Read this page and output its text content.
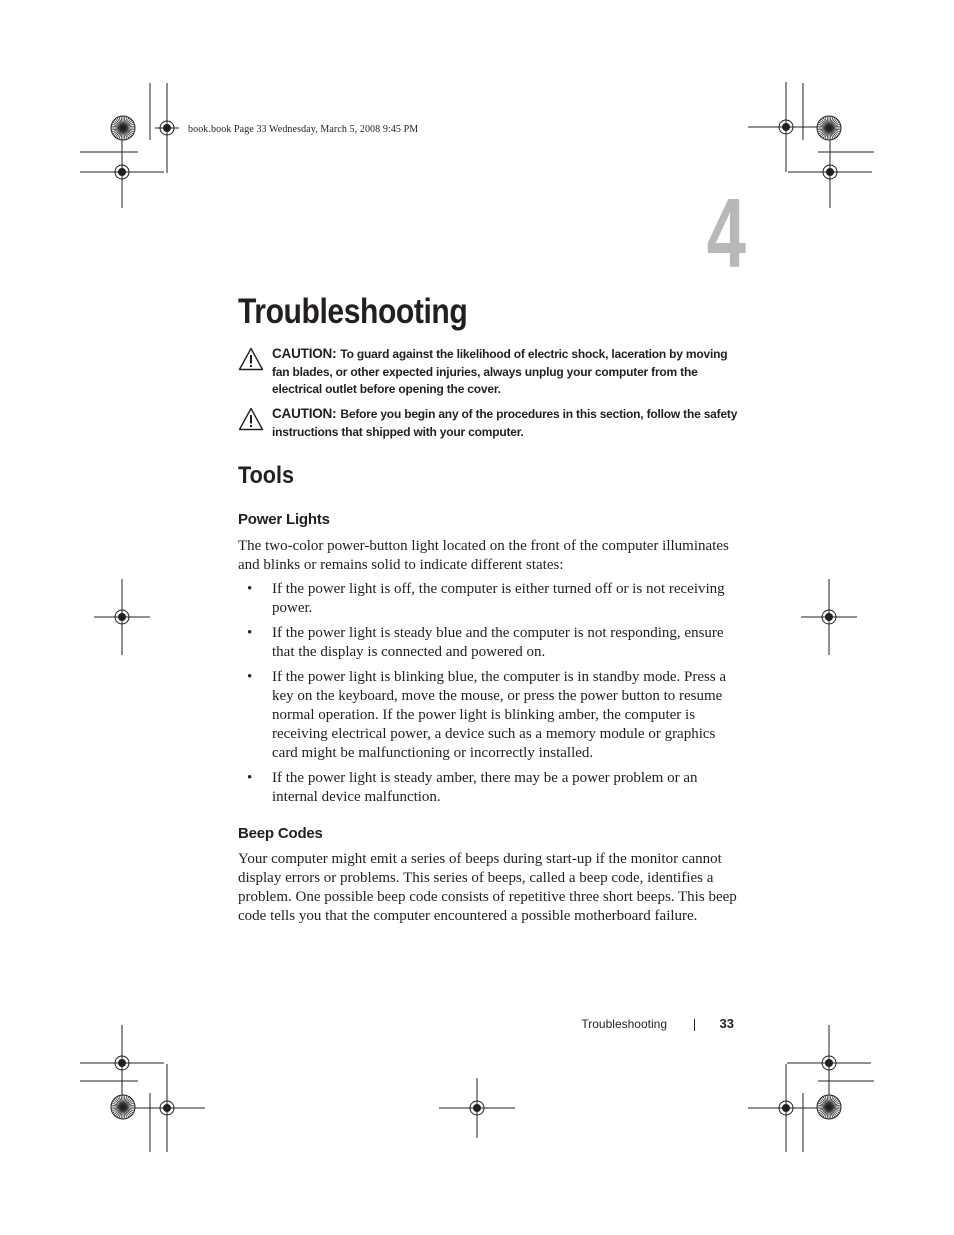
book.book Page 33 Wednesday, March 5, 2008 9:45 PM
4
Troubleshooting
CAUTION: To guard against the likelihood of electric shock, laceration by moving fan blades, or other expected injuries, always unplug your computer from the electrical outlet before opening the cover.
CAUTION: Before you begin any of the procedures in this section, follow the safety instructions that shipped with your computer.
Tools
Power Lights

The two-color power-button light located on the front of the computer illuminates and blinks or remains solid to indicate different states:

• If the power light is off, the computer is either turned off or is not receiving power.
• If the power light is steady blue and the computer is not responding, ensure that the display is connected and powered on.
• If the power light is blinking blue, the computer is in standby mode. Press a key on the keyboard, move the mouse, or press the power button to resume normal operation. If the power light is blinking amber, the computer is receiving electrical power, a device such as a memory module or graphics card might be malfunctioning or incorrectly installed.
• If the power light is steady amber, there may be a power problem or an internal device malfunction.
Beep Codes

Your computer might emit a series of beeps during start-up if the monitor cannot display errors or problems. This series of beeps, called a beep code, identifies a problem. One possible beep code consists of repetitive three short beeps. This beep code tells you that the computer encountered a possible motherboard failure.

Troubleshooting	33
